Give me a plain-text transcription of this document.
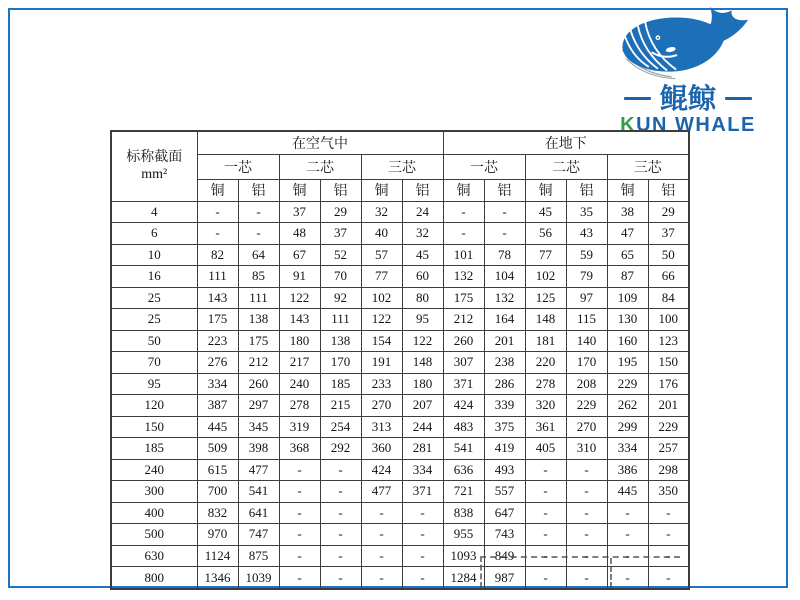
鲲鲸
KUN WHALE
标称截面
mm²	在空气中						在地下					
	一芯		二芯		三芯		一芯		二芯		三芯	
	铜	铝	铜	铝	铜	铝	铜	铝	铜	铝	铜	铝
4	-	-	37	29	32	24	-	-	45	35	38	29
6	-	-	48	37	40	32	-	-	56	43	47	37
10	82	64	67	52	57	45	101	78	77	59	65	50
16	111	85	91	70	77	60	132	104	102	79	87	66
25	143	111	122	92	102	80	175	132	125	97	109	84
25	175	138	143	111	122	95	212	164	148	115	130	100
50	223	175	180	138	154	122	260	201	181	140	160	123
70	276	212	217	170	191	148	307	238	220	170	195	150
95	334	260	240	185	233	180	371	286	278	208	229	176
120	387	297	278	215	270	207	424	339	320	229	262	201
150	445	345	319	254	313	244	483	375	361	270	299	229
185	509	398	368	292	360	281	541	419	405	310	334	257
240	615	477	-	-	424	334	636	493	-	-	386	298
300	700	541	-	-	477	371	721	557	-	-	445	350
400	832	641	-	-	-	-	838	647	-	-	-	-
500	970	747	-	-	-	-	955	743	-	-	-	-
630	1124	875	-	-	-	-	1093	849	-	-	-	-
800	1346	1039	-	-	-	-	1284	987	-	-	-	-
